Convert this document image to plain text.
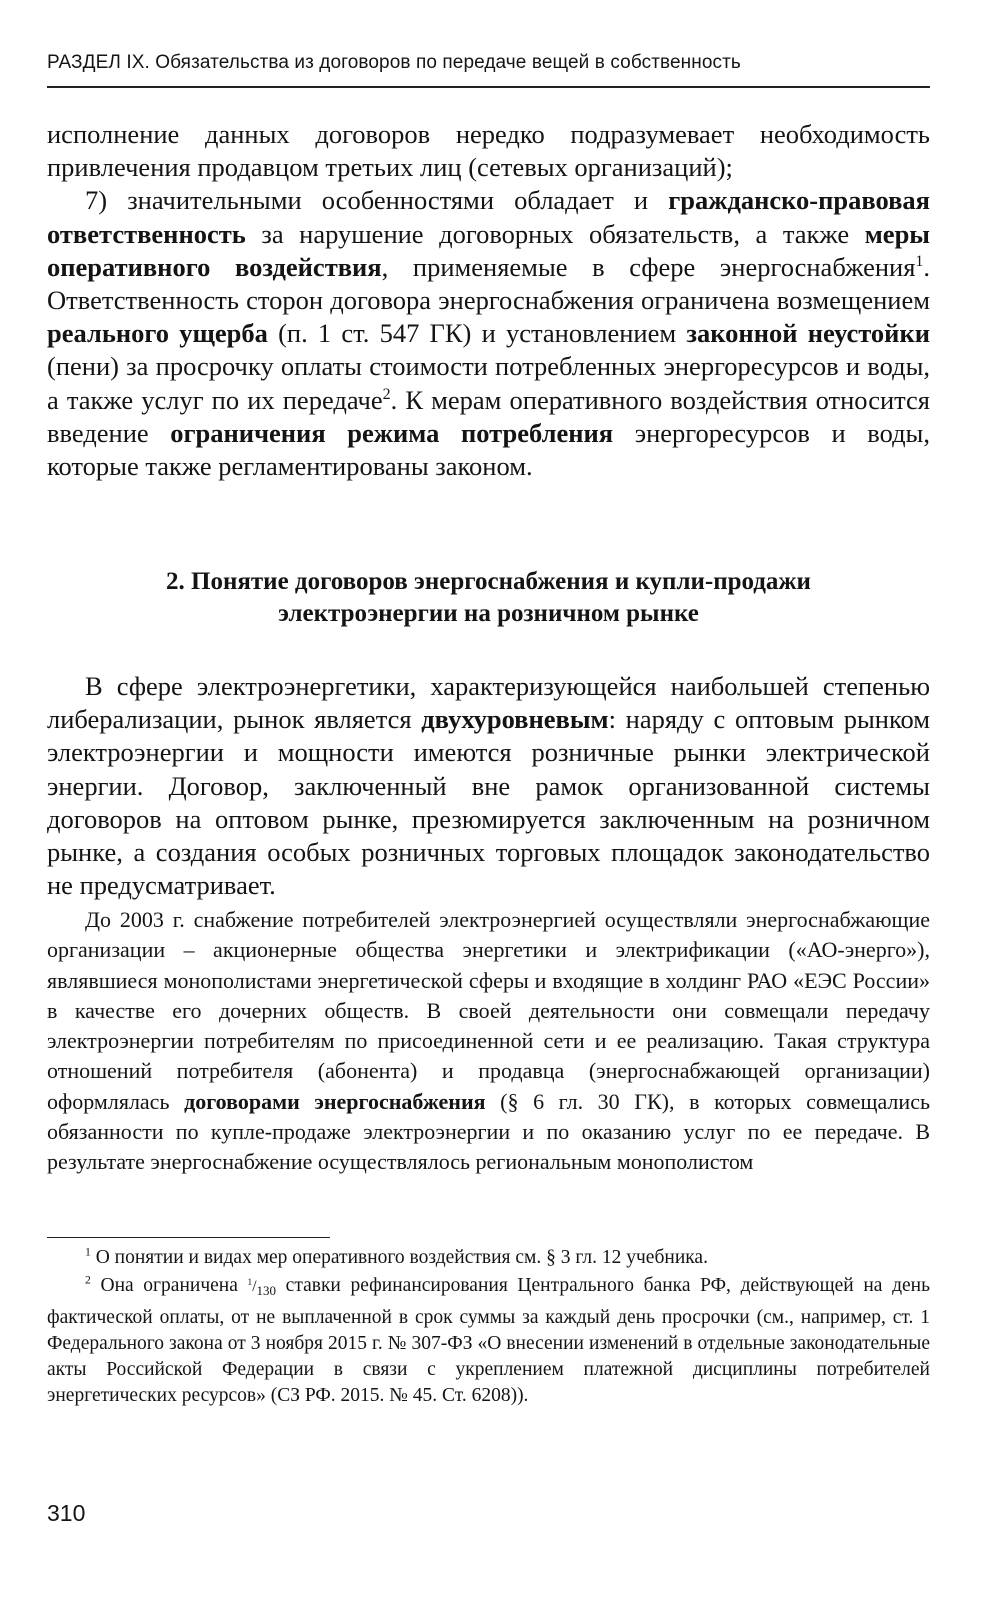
РАЗДЕЛ IX. Обязательства из договоров по передаче вещей в собственность

исполнение данных договоров нередко подразумевает необходимость привлечения продавцом третьих лиц (сетевых организаций);

7) значительными особенностями обладает и гражданско-правовая ответственность за нарушение договорных обязательств, а также меры оперативного воздействия, применяемые в сфере энергоснабжения$^1$. Ответственность сторон договора энергоснабжения ограничена возмещением реального ущерба (п. 1 ст. 547 ГК) и установлением законной неустойки (пени) за просрочку оплаты стоимости потребленных энергоресурсов и воды, а также услуг по их передаче$^2$. К мерам оперативного воздействия относится введение ограничения режима потребления энергоресурсов и воды, которые также регламентированы законом.

2. Понятие договоров энергоснабжения и купли-продажи
электроэнергии на розничном рынке

В сфере электроэнергетики, характеризующейся наибольшей степенью либерализации, рынок является двухуровневым: наряду с оптовым рынком электроэнергии и мощности имеются розничные рынки электрической энергии. Договор, заключенный вне рамок организованной системы договоров на оптовом рынке, презюмируется заключенным на розничном рынке, а создания особых розничных торговых площадок законодательство не предусматривает.

До 2003 г. снабжение потребителей электроэнергией осуществляли энергоснабжающие организации – акционерные общества энергетики и электрификации («АО-энерго»), являвшиеся монополистами энергетической сферы и входящие в холдинг РАО «ЕЭС России» в качестве его дочерних обществ. В своей деятельности они совмещали передачу электроэнергии потребителям по присоединенной сети и ее реализацию. Такая структура отношений потребителя (абонента) и продавца (энергоснабжающей организации) оформлялась договорами энергоснабжения (§ 6 гл. 30 ГК), в которых совмещались обязанности по купле-продаже электроэнергии и по оказанию услуг по ее передаче. В результате энергоснабжение осуществлялось региональным монополистом

$^1$ О понятии и видах мер оперативного воздействия см. § 3 гл. 12 учебника.

$^2$ Она ограничена $^1/_{130}$ ставки рефинансирования Центрального банка РФ, действующей на день фактической оплаты, от не выплаченной в срок суммы за каждый день просрочки (см., например, ст. 1 Федерального закона от 3 ноября 2015 г. № 307-ФЗ «О внесении изменений в отдельные законодательные акты Российской Федерации в связи с укреплением платежной дисциплины потребителей энергетических ресурсов» (СЗ РФ. 2015. № 45. Ст. 6208)).

310
